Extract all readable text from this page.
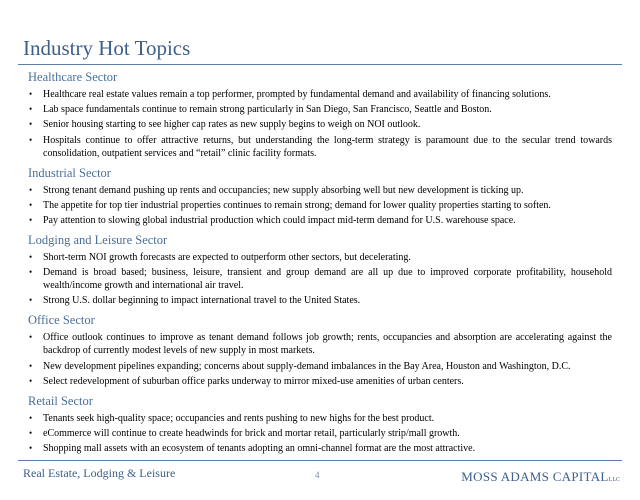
Industry Hot Topics
Healthcare Sector
• Healthcare real estate values remain a top performer, prompted by fundamental demand and availability of financing solutions.
• Lab space fundamentals continue to remain strong particularly in San Diego, San Francisco, Seattle and Boston.
• Senior housing starting to see higher cap rates as new supply begins to weigh on NOI outlook.
• Hospitals continue to offer attractive returns, but understanding the long-term strategy is paramount due to the secular trend towards consolidation, outpatient services and “retail” clinic facility formats.
Industrial Sector
• Strong tenant demand pushing up rents and occupancies; new supply absorbing well but new development is ticking up.
• The appetite for top tier industrial properties continues to remain strong; demand for lower quality properties starting to soften.
• Pay attention to slowing global industrial production which could impact mid-term demand for U.S. warehouse space.
Lodging and Leisure Sector
• Short-term NOI growth forecasts are expected to outperform other sectors, but decelerating.
• Demand is broad based; business, leisure, transient and group demand are all up due to improved corporate profitability, household wealth/income growth and international air travel.
• Strong U.S. dollar beginning to impact international travel to the United States.
Office Sector
• Office outlook continues to improve as tenant demand follows job growth; rents, occupancies and absorption are accelerating against the backdrop of currently modest levels of new supply in most markets.
• New development pipelines expanding; concerns about supply-demand imbalances in the Bay Area, Houston and Washington, D.C.
• Select redevelopment of suburban office parks underway to mirror mixed-use amenities of urban centers.
Retail Sector
• Tenants seek high-quality space; occupancies and rents pushing to new highs for the best product.
• eCommerce will continue to create headwinds for brick and mortar retail, particularly strip/mall growth.
• Shopping mall assets with an ecosystem of tenants adopting an omni-channel format are the most attractive.
Real Estate, Lodging & Leisure	4	MOSS ADAMS CAPITALLLC
